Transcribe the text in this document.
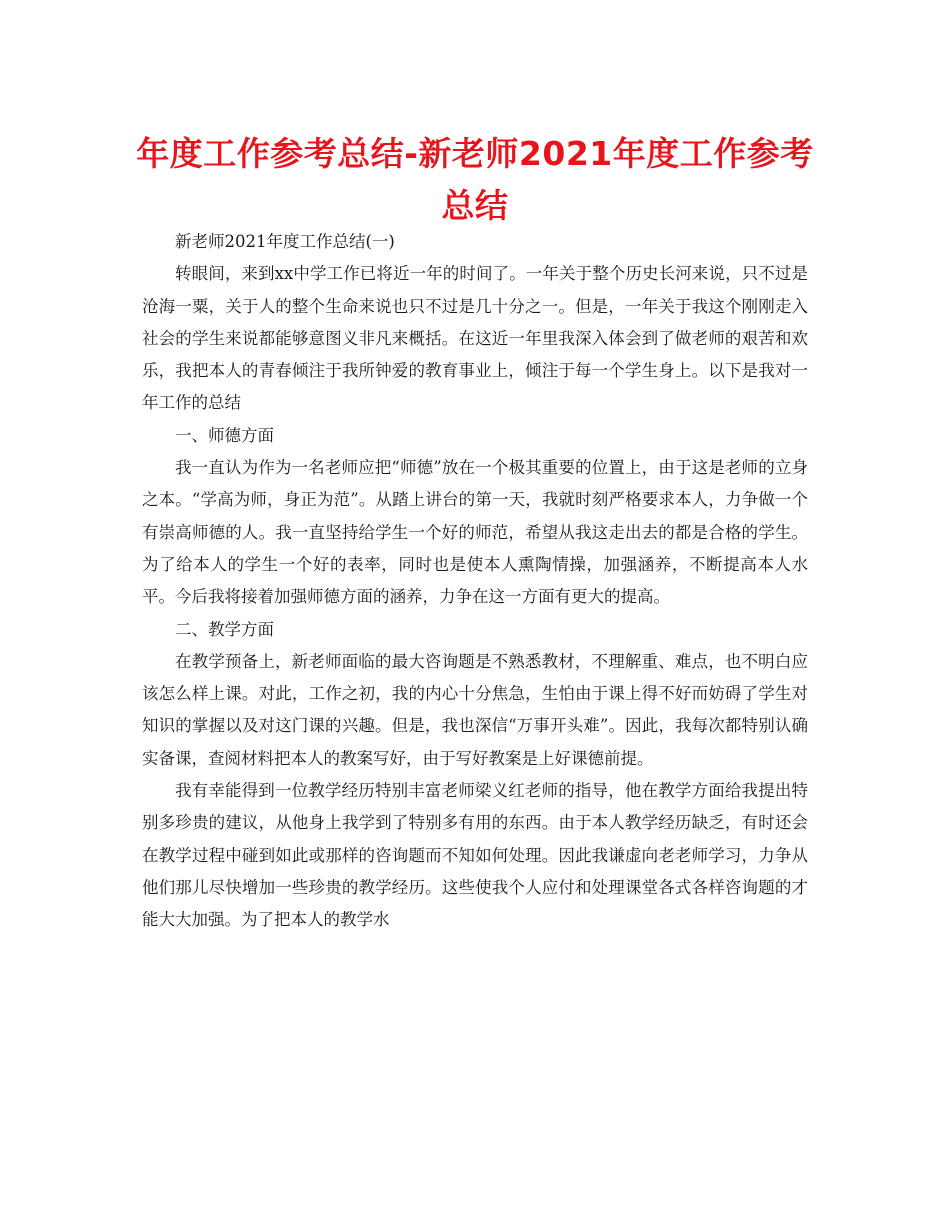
年度工作参考总结-新老师2021年度工作参考总结

新老师2021年度工作总结(一)

转眼间，来到xx中学工作已将近一年的时间了。一年关于整个历史长河来说，只不过是沧海一粟，关于人的整个生命来说也只不过是几十分之一。但是，一年关于我这个刚刚走入社会的学生来说都能够意图义非凡来概括。在这近一年里我深入体会到了做老师的艰苦和欢乐，我把本人的青春倾注于我所钟爱的教育事业上，倾注于每一个学生身上。以下是我对一年工作的总结

一、师德方面

我一直认为作为一名老师应把“师德”放在一个极其重要的位置上，由于这是老师的立身之本。“学高为师，身正为范”。从踏上讲台的第一天，我就时刻严格要求本人，力争做一个有崇高师德的人。我一直坚持给学生一个好的师范，希望从我这走出去的都是合格的学生。为了给本人的学生一个好的表率，同时也是使本人熏陶情操，加强涵养，不断提高本人水平。今后我将接着加强师德方面的涵养，力争在这一方面有更大的提高。

二、教学方面

在教学预备上，新老师面临的最大咨询题是不熟悉教材，不理解重、难点，也不明白应该怎么样上课。对此，工作之初，我的内心十分焦急，生怕由于课上得不好而妨碍了学生对知识的掌握以及对这门课的兴趣。但是，我也深信“万事开头难”。因此，我每次都特别认确实备课，查阅材料把本人的教案写好，由于写好教案是上好课德前提。

我有幸能得到一位教学经历特别丰富老师梁义红老师的指导，他在教学方面给我提出特别多珍贵的建议，从他身上我学到了特别多有用的东西。由于本人教学经历缺乏，有时还会在教学过程中碰到如此或那样的咨询题而不知如何处理。因此我谦虚向老老师学习，力争从他们那儿尽快增加一些珍贵的教学经历。这些使我个人应付和处理课堂各式各样咨询题的才能大大加强。为了把本人的教学水
